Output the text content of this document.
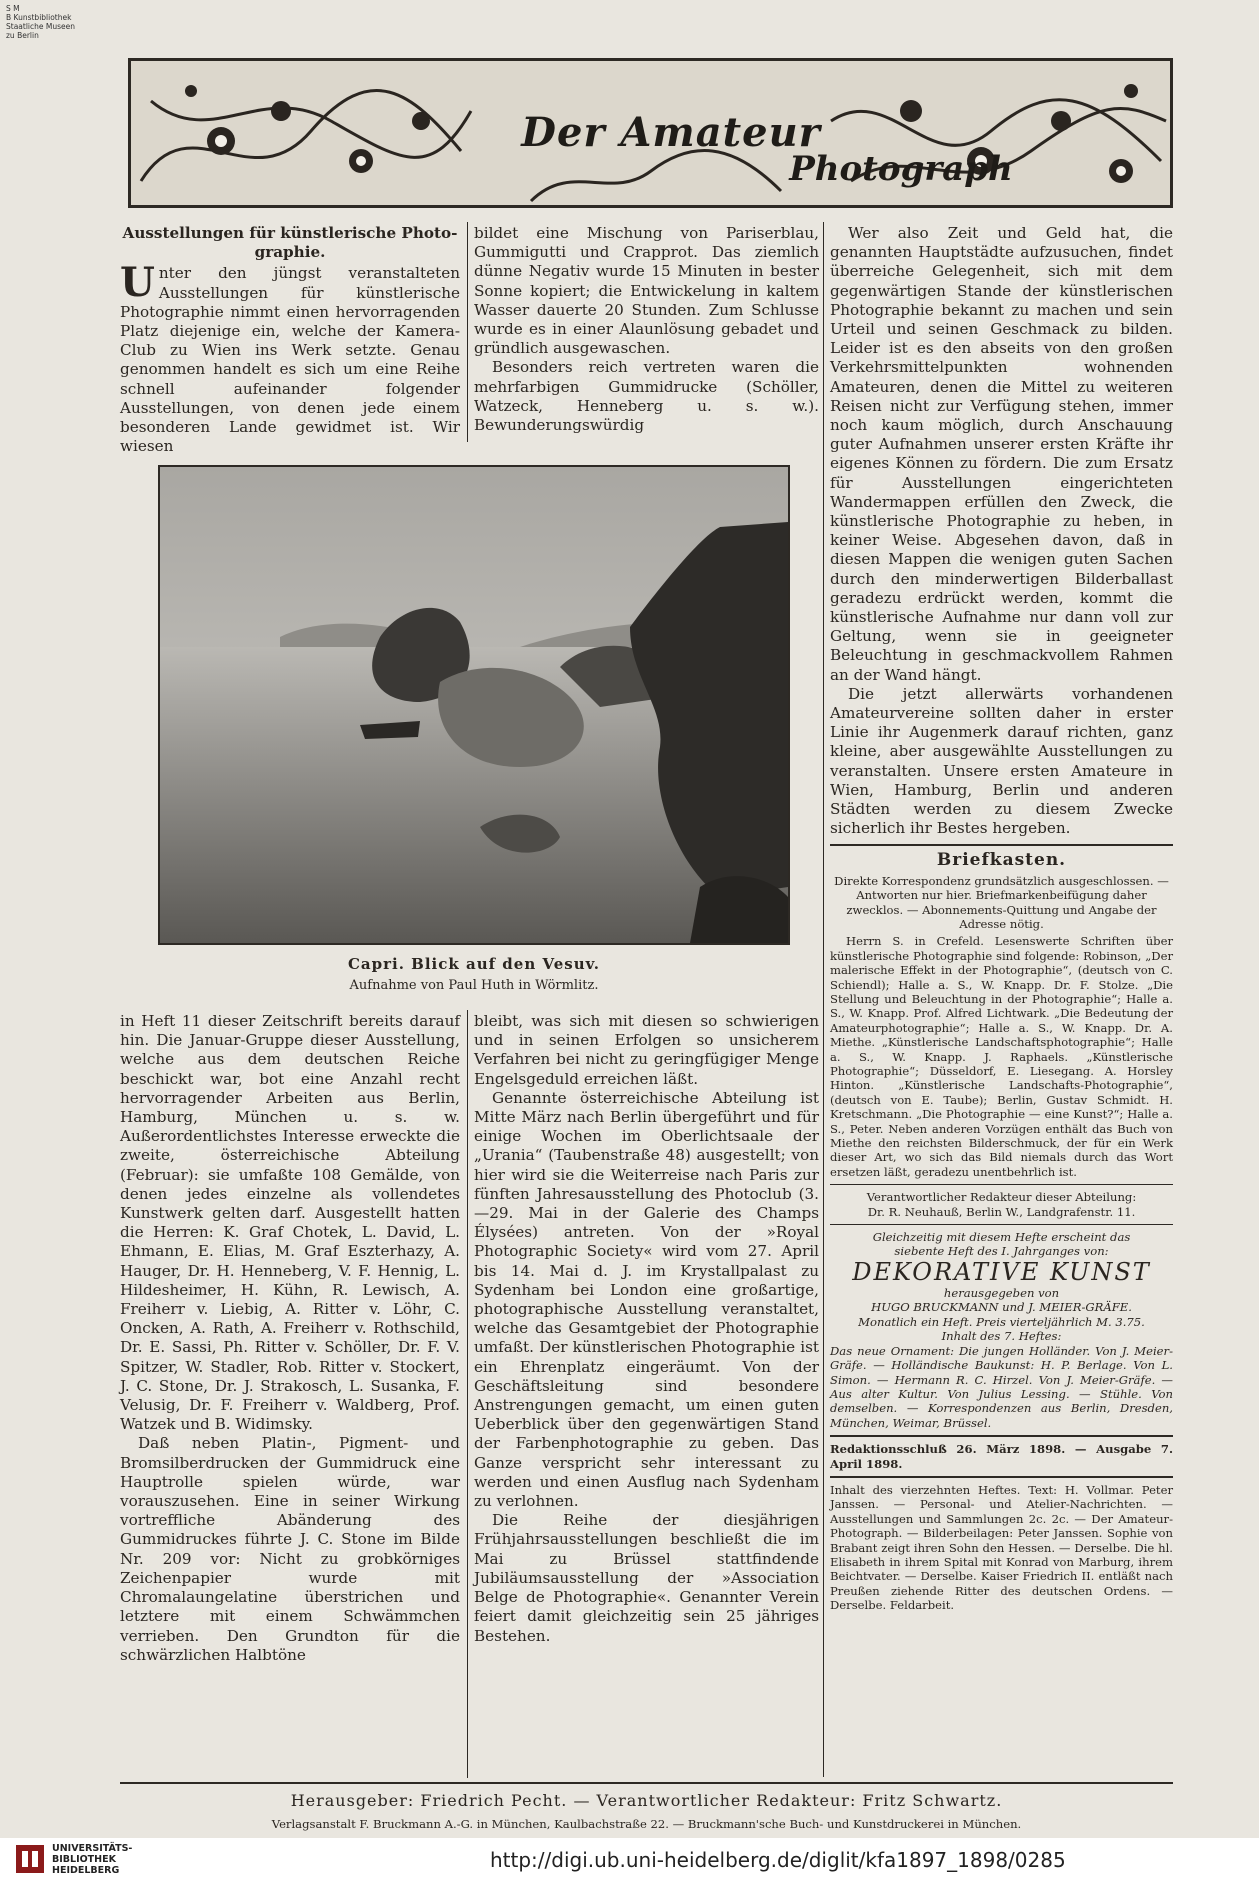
S M
B Kunstbibliothek
Staatliche Museen
zu Berlin
Der Amateur
Photograph
Ausstellungen für künstlerische Photo-graphie.

Unter den jüngst veranstalteten Ausstellungen für künstlerische Photographie nimmt einen hervorragenden Platz diejenige ein, welche der Kamera-Club zu Wien ins Werk setzte. Genau genommen handelt es sich um eine Reihe schnell aufeinander folgender Ausstellungen, von denen jede einem besonderen Lande gewidmet ist. Wir wiesen

bildet eine Mischung von Pariserblau, Gummigutti und Crapprot. Das ziemlich dünne Negativ wurde 15 Minuten in bester Sonne kopiert; die Entwickelung in kaltem Wasser dauerte 20 Stunden. Zum Schlusse wurde es in einer Alaunlösung gebadet und gründlich ausgewaschen.

Besonders reich vertreten waren die mehrfarbigen Gummidrucke (Schöller, Watzeck, Henneberg u. s. w.). Bewunderungswürdig

Capri. Blick auf den Vesuv.
Aufnahme von Paul Huth in Wörmlitz.

in Heft 11 dieser Zeitschrift bereits darauf hin. Die Januar-Gruppe dieser Ausstellung, welche aus dem deutschen Reiche beschickt war, bot eine Anzahl recht hervorragender Arbeiten aus Berlin, Hamburg, München u. s. w. Außerordentlichstes Interesse erweckte die zweite, österreichische Abteilung (Februar): sie umfaßte 108 Gemälde, von denen jedes einzelne als vollendetes Kunstwerk gelten darf. Ausgestellt hatten die Herren: K. Graf Chotek, L. David, L. Ehmann, E. Elias, M. Graf Eszterhazy, A. Hauger, Dr. H. Henneberg, V. F. Hennig, L. Hildesheimer, H. Kühn, R. Lewisch, A. Freiherr v. Liebig, A. Ritter v. Löhr, C. Oncken, A. Rath, A. Freiherr v. Rothschild, Dr. E. Sassi, Ph. Ritter v. Schöller, Dr. F. V. Spitzer, W. Stadler, Rob. Ritter v. Stockert, J. C. Stone, Dr. J. Strakosch, L. Susanka, F. Velusig, Dr. F. Freiherr v. Waldberg, Prof. Watzek und B. Widimsky.

Daß neben Platin-, Pigment- und Bromsilberdrucken der Gummidruck eine Hauptrolle spielen würde, war vorauszusehen. Eine in seiner Wirkung vortreffliche Abänderung des Gummidruckes führte J. C. Stone im Bilde Nr. 209 vor: Nicht zu grobkörniges Zeichenpapier wurde mit Chromalaungelatine überstrichen und letztere mit einem Schwämmchen verrieben. Den Grundton für die schwärzlichen Halbtöne

bleibt, was sich mit diesen so schwierigen und in seinen Erfolgen so unsicherem Verfahren bei nicht zu geringfügiger Menge Engelsgeduld erreichen läßt.

Genannte österreichische Abteilung ist Mitte März nach Berlin übergeführt und für einige Wochen im Oberlichtsaale der „Urania“ (Taubenstraße 48) ausgestellt; von hier wird sie die Weiterreise nach Paris zur fünften Jahresausstellung des Photoclub (3.—29. Mai in der Galerie des Champs Élysées) antreten. Von der »Royal Photographic Society« wird vom 27. April bis 14. Mai d. J. im Krystallpalast zu Sydenham bei London eine großartige, photographische Ausstellung veranstaltet, welche das Gesamtgebiet der Photographie umfaßt. Der künstlerischen Photographie ist ein Ehrenplatz eingeräumt. Von der Geschäftsleitung sind besondere Anstrengungen gemacht, um einen guten Ueberblick über den gegenwärtigen Stand der Farbenphotographie zu geben. Das Ganze verspricht sehr interessant zu werden und einen Ausflug nach Sydenham zu verlohnen.

Die Reihe der diesjährigen Frühjahrsausstellungen beschließt die im Mai zu Brüssel stattfindende Jubiläumsausstellung der »Association Belge de Photographie«. Genannter Verein feiert damit gleichzeitig sein 25 jähriges Bestehen.

Wer also Zeit und Geld hat, die genannten Hauptstädte aufzusuchen, findet überreiche Gelegenheit, sich mit dem gegenwärtigen Stande der künstlerischen Photographie bekannt zu machen und sein Urteil und seinen Geschmack zu bilden. Leider ist es den abseits von den großen Verkehrsmittelpunkten wohnenden Amateuren, denen die Mittel zu weiteren Reisen nicht zur Verfügung stehen, immer noch kaum möglich, durch Anschauung guter Aufnahmen unserer ersten Kräfte ihr eigenes Können zu fördern. Die zum Ersatz für Ausstellungen eingerichteten Wandermappen erfüllen den Zweck, die künstlerische Photographie zu heben, in keiner Weise. Abgesehen davon, daß in diesen Mappen die wenigen guten Sachen durch den minderwertigen Bilderballast geradezu erdrückt werden, kommt die künstlerische Aufnahme nur dann voll zur Geltung, wenn sie in geeigneter Beleuchtung in geschmackvollem Rahmen an der Wand hängt.

Die jetzt allerwärts vorhandenen Amateurvereine sollten daher in erster Linie ihr Augenmerk darauf richten, ganz kleine, aber ausgewählte Ausstellungen zu veranstalten. Unsere ersten Amateure in Wien, Hamburg, Berlin und anderen Städten werden zu diesem Zwecke sicherlich ihr Bestes hergeben.

Briefkasten.
Direkte Korrespondenz grundsätzlich ausgeschlossen. — Antworten nur hier. Briefmarkenbeifügung daher zwecklos. — Abonnements-Quittung und Angabe der Adresse nötig.
Herrn S. in Crefeld. Lesenswerte Schriften über künstlerische Photographie sind folgende: Robinson, „Der malerische Effekt in der Photographie“, (deutsch von C. Schiendl); Halle a. S., W. Knapp. Dr. F. Stolze. „Die Stellung und Beleuchtung in der Photographie“; Halle a. S., W. Knapp. Prof. Alfred Lichtwark. „Die Bedeutung der Amateurphotographie“; Halle a. S., W. Knapp. Dr. A. Miethe. „Künstlerische Landschaftsphotographie“; Halle a. S., W. Knapp. J. Raphaels. „Künstlerische Photographie“; Düsseldorf, E. Liesegang. A. Horsley Hinton. „Künstlerische Landschafts-Photographie“, (deutsch von E. Taube); Berlin, Gustav Schmidt. H. Kretschmann. „Die Photographie — eine Kunst?“; Halle a. S., Peter. Neben anderen Vorzügen enthält das Buch von Miethe den reichsten Bilderschmuck, der für ein Werk dieser Art, wo sich das Bild niemals durch das Wort ersetzen läßt, geradezu unentbehrlich ist.
Verantwortlicher Redakteur dieser Abteilung:
Dr. R. Neuhauß, Berlin W., Landgrafenstr. 11.
Gleichzeitig mit diesem Hefte erscheint das
siebente Heft des I. Jahrganges von:
DEKORATIVE KUNST
herausgegeben von
HUGO BRUCKMANN und J. MEIER-GRÄFE.
Monatlich ein Heft. Preis vierteljährlich M. 3.75.
Inhalt des 7. Heftes:
Das neue Ornament: Die jungen Holländer. Von J. Meier-Gräfe. — Holländische Baukunst: H. P. Berlage. Von L. Simon. — Hermann R. C. Hirzel. Von J. Meier-Gräfe. — Aus alter Kultur. Von Julius Lessing. — Stühle. Von demselben. — Korrespondenzen aus Berlin, Dresden, München, Weimar, Brüssel.
Redaktionsschluß 26. März 1898. — Ausgabe 7. April 1898.
Inhalt des vierzehnten Heftes. Text: H. Vollmar. Peter Janssen. — Personal- und Atelier-Nachrichten. — Ausstellungen und Sammlungen 2c. 2c. — Der Amateur-Photograph. — Bilderbeilagen: Peter Janssen. Sophie von Brabant zeigt ihren Sohn den Hessen. — Derselbe. Die hl. Elisabeth in ihrem Spital mit Konrad von Marburg, ihrem Beichtvater. — Derselbe. Kaiser Friedrich II. entläßt nach Preußen ziehende Ritter des deutschen Ordens. — Derselbe. Feldarbeit.
Herausgeber: Friedrich Pecht. — Verantwortlicher Redakteur: Fritz Schwartz.
Verlagsanstalt F. Bruckmann A.-G. in München, Kaulbachstraße 22. — Bruckmann'sche Buch- und Kunstdruckerei in München.
UNIVERSITÄTS-
BIBLIOTHEK
HEIDELBERG	http://digi.ub.uni-heidelberg.de/diglit/kfa1897_1898/0285
